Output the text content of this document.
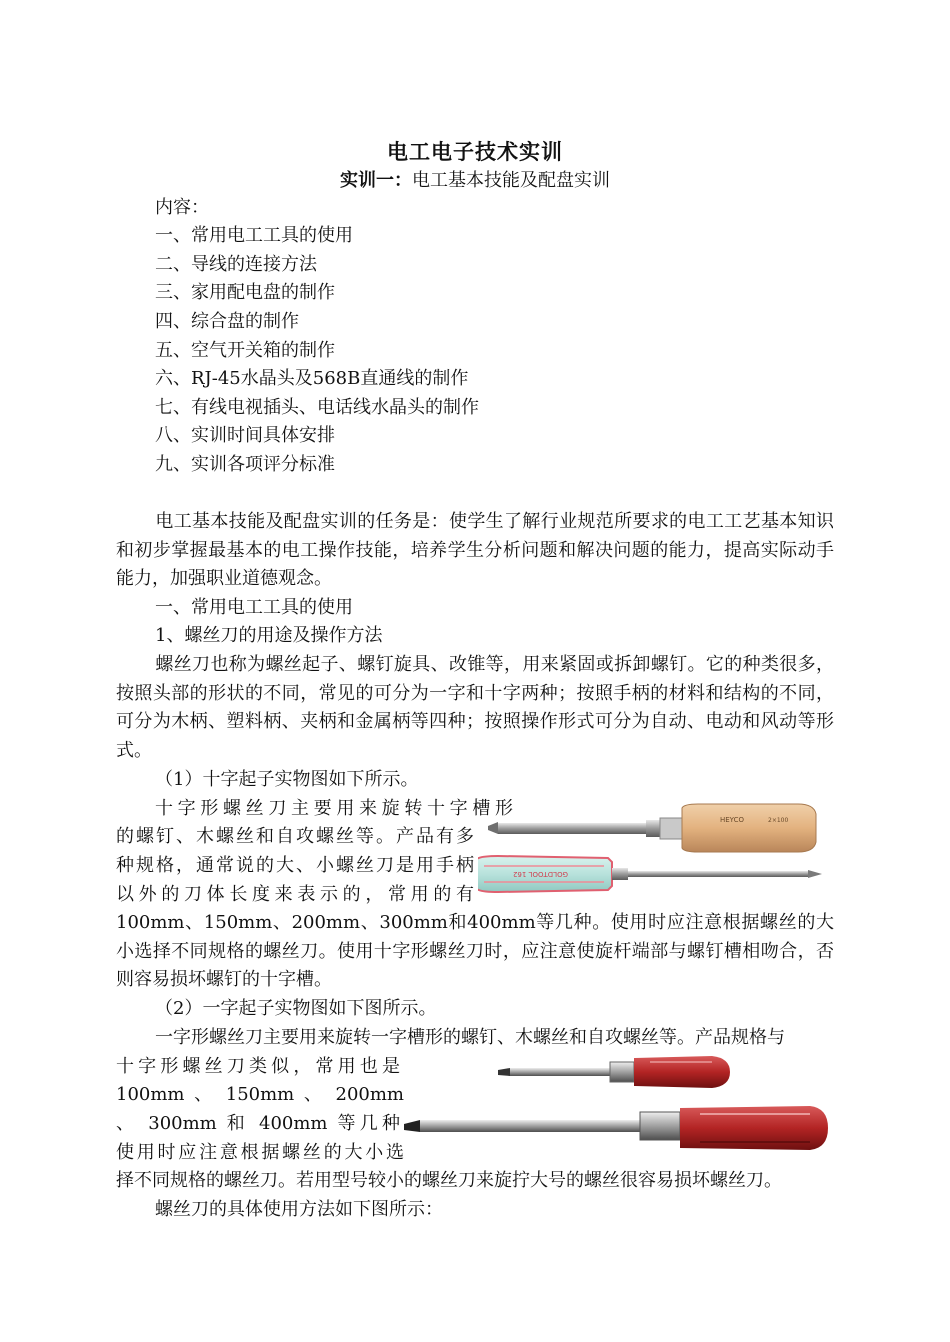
电工电子技术实训
实训一：电工基本技能及配盘实训
内容：
一、常用电工工具的使用
二、导线的连接方法
三、家用配电盘的制作
四、综合盘的制作
五、空气开关箱的制作
六、RJ-45水晶头及568B直通线的制作
七、有线电视插头、电话线水晶头的制作
八、实训时间具体安排
九、实训各项评分标准
电工基本技能及配盘实训的任务是：使学生了解行业规范所要求的电工工艺基本知识和初步掌握最基本的电工操作技能，培养学生分析问题和解决问题的能力，提高实际动手能力，加强职业道德观念。
一、常用电工工具的使用
1、螺丝刀的用途及操作方法
螺丝刀也称为螺丝起子、螺钉旋具、改锥等，用来紧固或拆卸螺钉。它的种类很多，按照头部的形状的不同，常见的可分为一字和十字两种；按照手柄的材料和结构的不同，可分为木柄、塑料柄、夹柄和金属柄等四种；按照操作形式可分为自动、电动和风动等形式。
（1）十字起子实物图如下所示。
十字形螺丝刀主要用来旋转十字槽形
的螺钉、木螺丝和自攻螺丝等。产品有多
种规格，通常说的大、小螺丝刀是用手柄
以外的刀体长度来表示的，常用的有
100mm、150mm、200mm、300mm和400mm等几种。使用时应注意根据螺丝的大小选择不同规格的螺丝刀。使用十字形螺丝刀时，应注意使旋杆端部与螺钉槽相吻合，否则容易损坏螺钉的十字槽。
HEYCO	2×100
GOLDTOOL 162
（2）一字起子实物图如下图所示。
一字形螺丝刀主要用来旋转一字槽形的螺钉、木螺丝和自攻螺丝等。产品规格与
十字形螺丝刀类似，常用也是
100mm 、 150mm 、 200mm
、 300mm 和 400mm 等几种
使用时应注意根据螺丝的大小选
择不同规格的螺丝刀。若用型号较小的螺丝刀来旋拧大号的螺丝很容易损坏螺丝刀。
螺丝刀的具体使用方法如下图所示：
